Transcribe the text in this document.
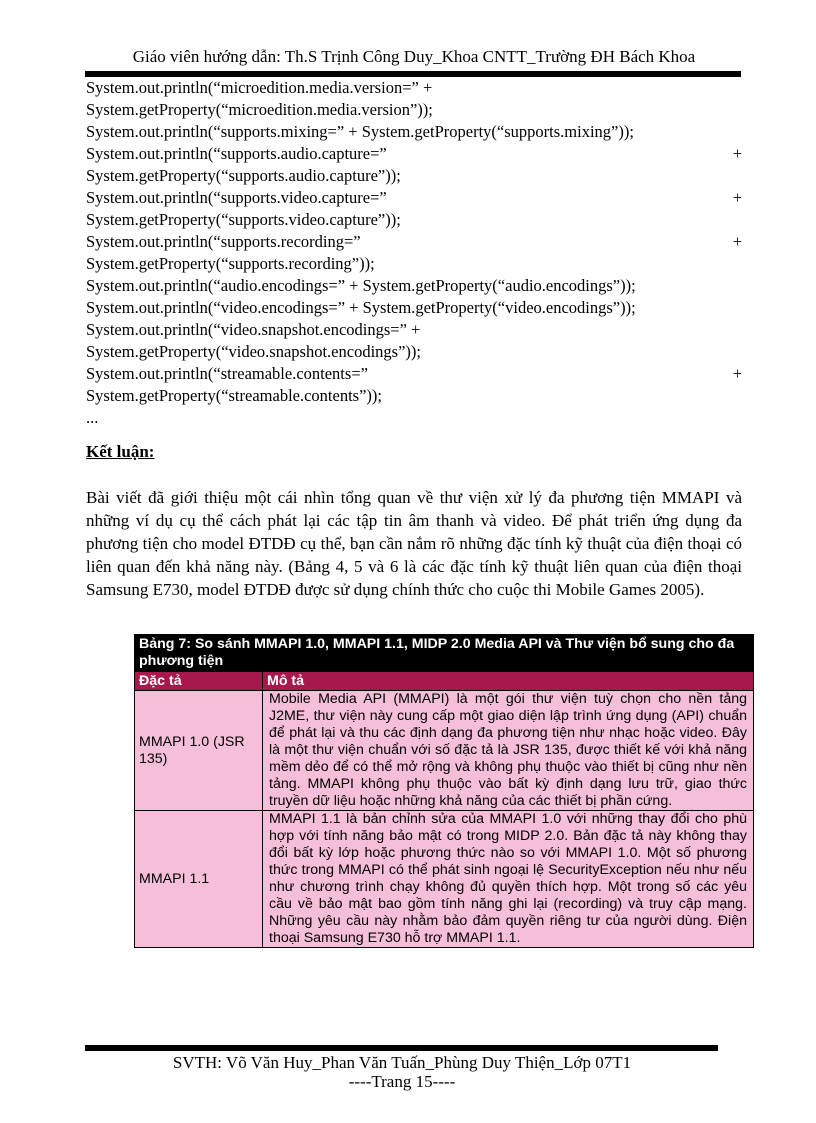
Giáo viên hướng dẫn: Th.S Trịnh Công Duy_Khoa CNTT_Trường ĐH Bách Khoa
System.out.println(“microedition.media.version=” +
System.getProperty(“microedition.media.version”));
System.out.println(“supports.mixing=” + System.getProperty(“supports.mixing”));
System.out.println(“supports.audio.capture=”	+
System.getProperty(“supports.audio.capture”));
System.out.println(“supports.video.capture=”	+
System.getProperty(“supports.video.capture”));
System.out.println(“supports.recording=”	+
System.getProperty(“supports.recording”));
System.out.println(“audio.encodings=” + System.getProperty(“audio.encodings”));
System.out.println(“video.encodings=” + System.getProperty(“video.encodings”));
System.out.println(“video.snapshot.encodings=” +
System.getProperty(“video.snapshot.encodings”));
System.out.println(“streamable.contents=”	+
System.getProperty(“streamable.contents”));
...
Kết luận:

Bài viết đã giới thiệu một cái nhìn tổng quan về thư viện xử lý đa phương tiện MMAPI và những ví dụ cụ thể cách phát lại các tập tin âm thanh và video. Để phát triển ứng dụng đa phương tiện cho model ĐTDĐ cụ thể, bạn cần nắm rõ những đặc tính kỹ thuật của điện thoại có liên quan đến khả năng này. (Bảng 4, 5 và 6 là các đặc tính kỹ thuật liên quan của điện thoại Samsung E730, model ĐTDĐ được sử dụng chính thức cho cuộc thi Mobile Games 2005).

Bảng 7: So sánh MMAPI 1.0, MMAPI 1.1, MIDP 2.0 Media API và Thư viện bổ sung cho đa phương tiện	
Đặc tả	Mô tả
MMAPI 1.0 (JSR 135)	Mobile Media API (MMAPI) là một gói thư viện tuỳ chọn cho nền tảng J2ME, thư viện này cung cấp một giao diện lập trình ứng dụng (API) chuẩn để phát lại và thu các định dạng đa phương tiện như nhạc hoặc video. Đây là một thư viện chuẩn với số đặc tả là JSR 135, được thiết kế với khả năng mềm dẻo để có thể mở rộng và không phụ thuộc vào thiết bị cũng như nền tảng. MMAPI không phụ thuộc vào bất kỳ định dạng lưu trữ, giao thức truyền dữ liệu hoặc những khả năng của các thiết bị phần cứng.
MMAPI 1.1	MMAPI 1.1 là bản chỉnh sửa của MMAPI 1.0 với những thay đổi cho phù hợp với tính năng bảo mật có trong MIDP 2.0. Bản đặc tả này không thay đổi bất kỳ lớp hoặc phương thức nào so với MMAPI 1.0. Một số phương thức trong MMAPI có thể phát sinh ngoại lệ SecurityException nếu như nếu như chương trình chạy không đủ quyền thích hợp. Một trong số các yêu cầu về bảo mật bao gồm tính năng ghi lại (recording) và truy cập mạng. Những yêu cầu này nhằm bảo đảm quyền riêng tư của người dùng. Điện thoại Samsung E730 hỗ trợ MMAPI 1.1.
SVTH: Võ Văn Huy_Phan Văn Tuấn_Phùng Duy Thiện_Lớp 07T1
----Trang 15----
